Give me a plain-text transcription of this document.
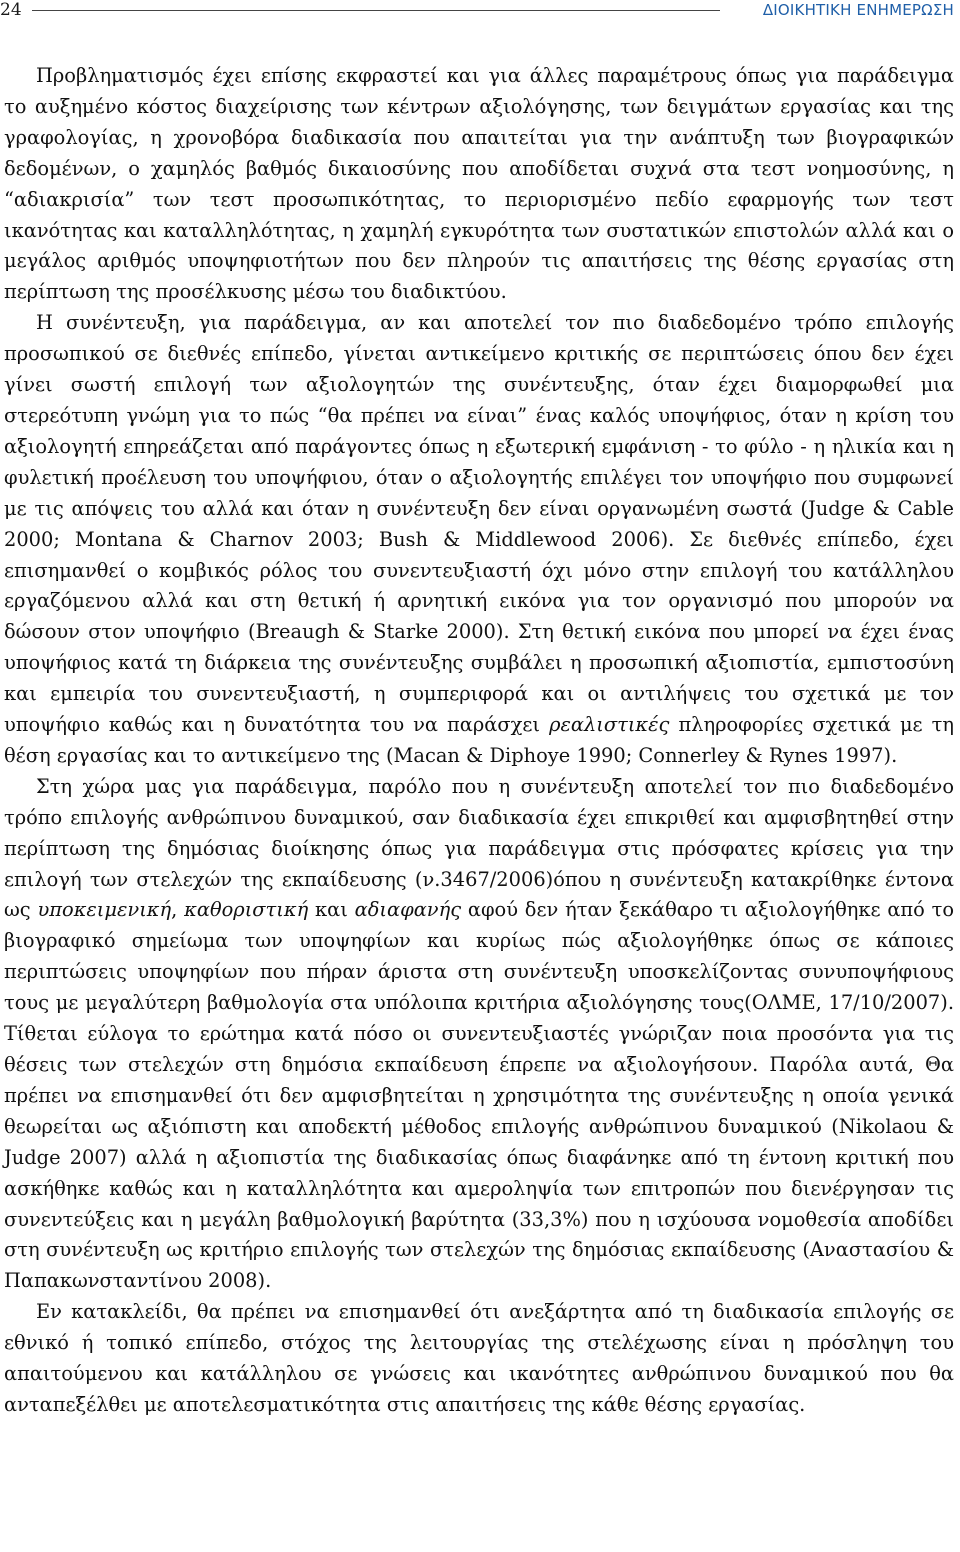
24	ΔΙΟΙΚΗΤΙΚΗ ΕΝΗΜΕΡΩΣΗ

Προβληματισμός έχει επίσης εκφραστεί και για άλλες παραμέτρους όπως για παράδειγμα το αυξημένο κόστος διαχείρισης των κέντρων αξιολόγησης, των δειγμάτων εργασίας και της γραφολογίας, η χρονοβόρα διαδικασία που απαιτείται για την ανάπτυξη των βιογραφικών δεδομένων, ο χαμηλός βαθμός δικαιοσύνης που αποδίδεται συχνά στα τεστ νοημοσύνης, η “αδιακρισία” των τεστ προσωπικότητας, το περιορισμένο πεδίο εφαρμογής των τεστ ικανότητας και καταλληλότητας, η χαμηλή εγκυρότητα των συστατικών επιστολών αλλά και ο μεγάλος αριθμός υποψηφιοτήτων που δεν πληρούν τις απαιτήσεις της θέσης εργασίας στη περίπτωση της προσέλκυσης μέσω του διαδικτύου.

Η συνέντευξη, για παράδειγμα, αν και αποτελεί τον πιο διαδεδομένο τρόπο επιλογής προσωπικού σε διεθνές επίπεδο, γίνεται αντικείμενο κριτικής σε περιπτώσεις όπου δεν έχει γίνει σωστή επιλογή των αξιολογητών της συνέντευξης, όταν έχει διαμορφωθεί μια στερεότυπη γνώμη για το πώς “θα πρέπει να είναι” ένας καλός υποψήφιος, όταν η κρίση του αξιολογητή επηρεάζεται από παράγοντες όπως η εξωτερική εμφάνιση - το φύλο - η ηλικία και η φυλετική προέλευση του υποψήφιου, όταν ο αξιολογητής επιλέγει τον υποψήφιο που συμφωνεί με τις απόψεις του αλλά και όταν η συνέντευξη δεν είναι οργανωμένη σωστά (Judge & Cable 2000; Montana & Charnov 2003; Bush & Middlewood 2006). Σε διεθνές επίπεδο, έχει επισημανθεί ο κομβικός ρόλος του συνεντευξιαστή όχι μόνο στην επιλογή του κατάλληλου εργαζόμενου αλλά και στη θετική ή αρνητική εικόνα για τον οργανισμό που μπορούν να δώσουν στον υποψήφιο (Breaugh & Starke 2000). Στη θετική εικόνα που μπορεί να έχει ένας υποψήφιος κατά τη διάρκεια της συνέντευξης συμβάλει η προσωπική αξιοπιστία, εμπιστοσύνη και εμπειρία του συνεντευξιαστή, η συμπεριφορά και οι αντιλήψεις του σχετικά με τον υποψήφιο καθώς και η δυνατότητα του να παράσχει ρεαλιστικές πληροφορίες σχετικά με τη θέση εργασίας και το αντικείμενο της (Macan & Diphoye 1990; Connerley & Rynes 1997).

Στη χώρα μας για παράδειγμα, παρόλο που η συνέντευξη αποτελεί τον πιο διαδεδομένο τρόπο επιλογής ανθρώπινου δυναμικού, σαν διαδικασία έχει επικριθεί και αμφισβητηθεί στην περίπτωση της δημόσιας διοίκησης όπως για παράδειγμα στις πρόσφατες κρίσεις για την επιλογή των στελεχών της εκπαίδευσης (ν.3467/2006)όπου η συνέντευξη κατακρίθηκε έντονα ως υποκειμενική, καθοριστική και αδιαφανής αφού δεν ήταν ξεκάθαρο τι αξιολογήθηκε από το βιογραφικό σημείωμα των υποψηφίων και κυρίως πώς αξιολογήθηκε όπως σε κάποιες περιπτώσεις υποψηφίων που πήραν άριστα στη συνέντευξη υποσκελίζοντας συνυποψήφιους τους με μεγαλύτερη βαθμολογία στα υπόλοιπα κριτήρια αξιολόγησης τους(ΟΛΜΕ, 17/10/2007). Τίθεται εύλογα το ερώτημα κατά πόσο οι συνεντευξιαστές γνώριζαν ποια προσόντα για τις θέσεις των στελεχών στη δημόσια εκπαίδευση έπρεπε να αξιολογήσουν. Παρόλα αυτά, Θα πρέπει να επισημανθεί ότι δεν αμφισβητείται η χρησιμότητα της συνέντευξης η οποία γενικά θεωρείται ως αξιόπιστη και αποδεκτή μέθοδος επιλογής ανθρώπινου δυναμικού (Nikolaou & Judge 2007) αλλά η αξιοπιστία της διαδικασίας όπως διαφάνηκε από τη έντονη κριτική που ασκήθηκε καθώς και η καταλληλότητα και αμεροληψία των επιτροπών που διενέργησαν τις συνεντεύξεις και η μεγάλη βαθμολογική βαρύτητα (33,3%) που η ισχύουσα νομοθεσία αποδίδει στη συνέντευξη ως κριτήριο επιλογής των στελεχών της δημόσιας εκπαίδευσης (Αναστασίου & Παπακωνσταντίνου 2008).

Εν κατακλείδι, θα πρέπει να επισημανθεί ότι ανεξάρτητα από τη διαδικασία επιλογής σε εθνικό ή τοπικό επίπεδο, στόχος της λειτουργίας της στελέχωσης είναι η πρόσληψη του απαιτούμενου και κατάλληλου σε γνώσεις και ικανότητες ανθρώπινου δυναμικού που θα ανταπεξέλθει με αποτελεσματικότητα στις απαιτήσεις της κάθε θέσης εργασίας.
